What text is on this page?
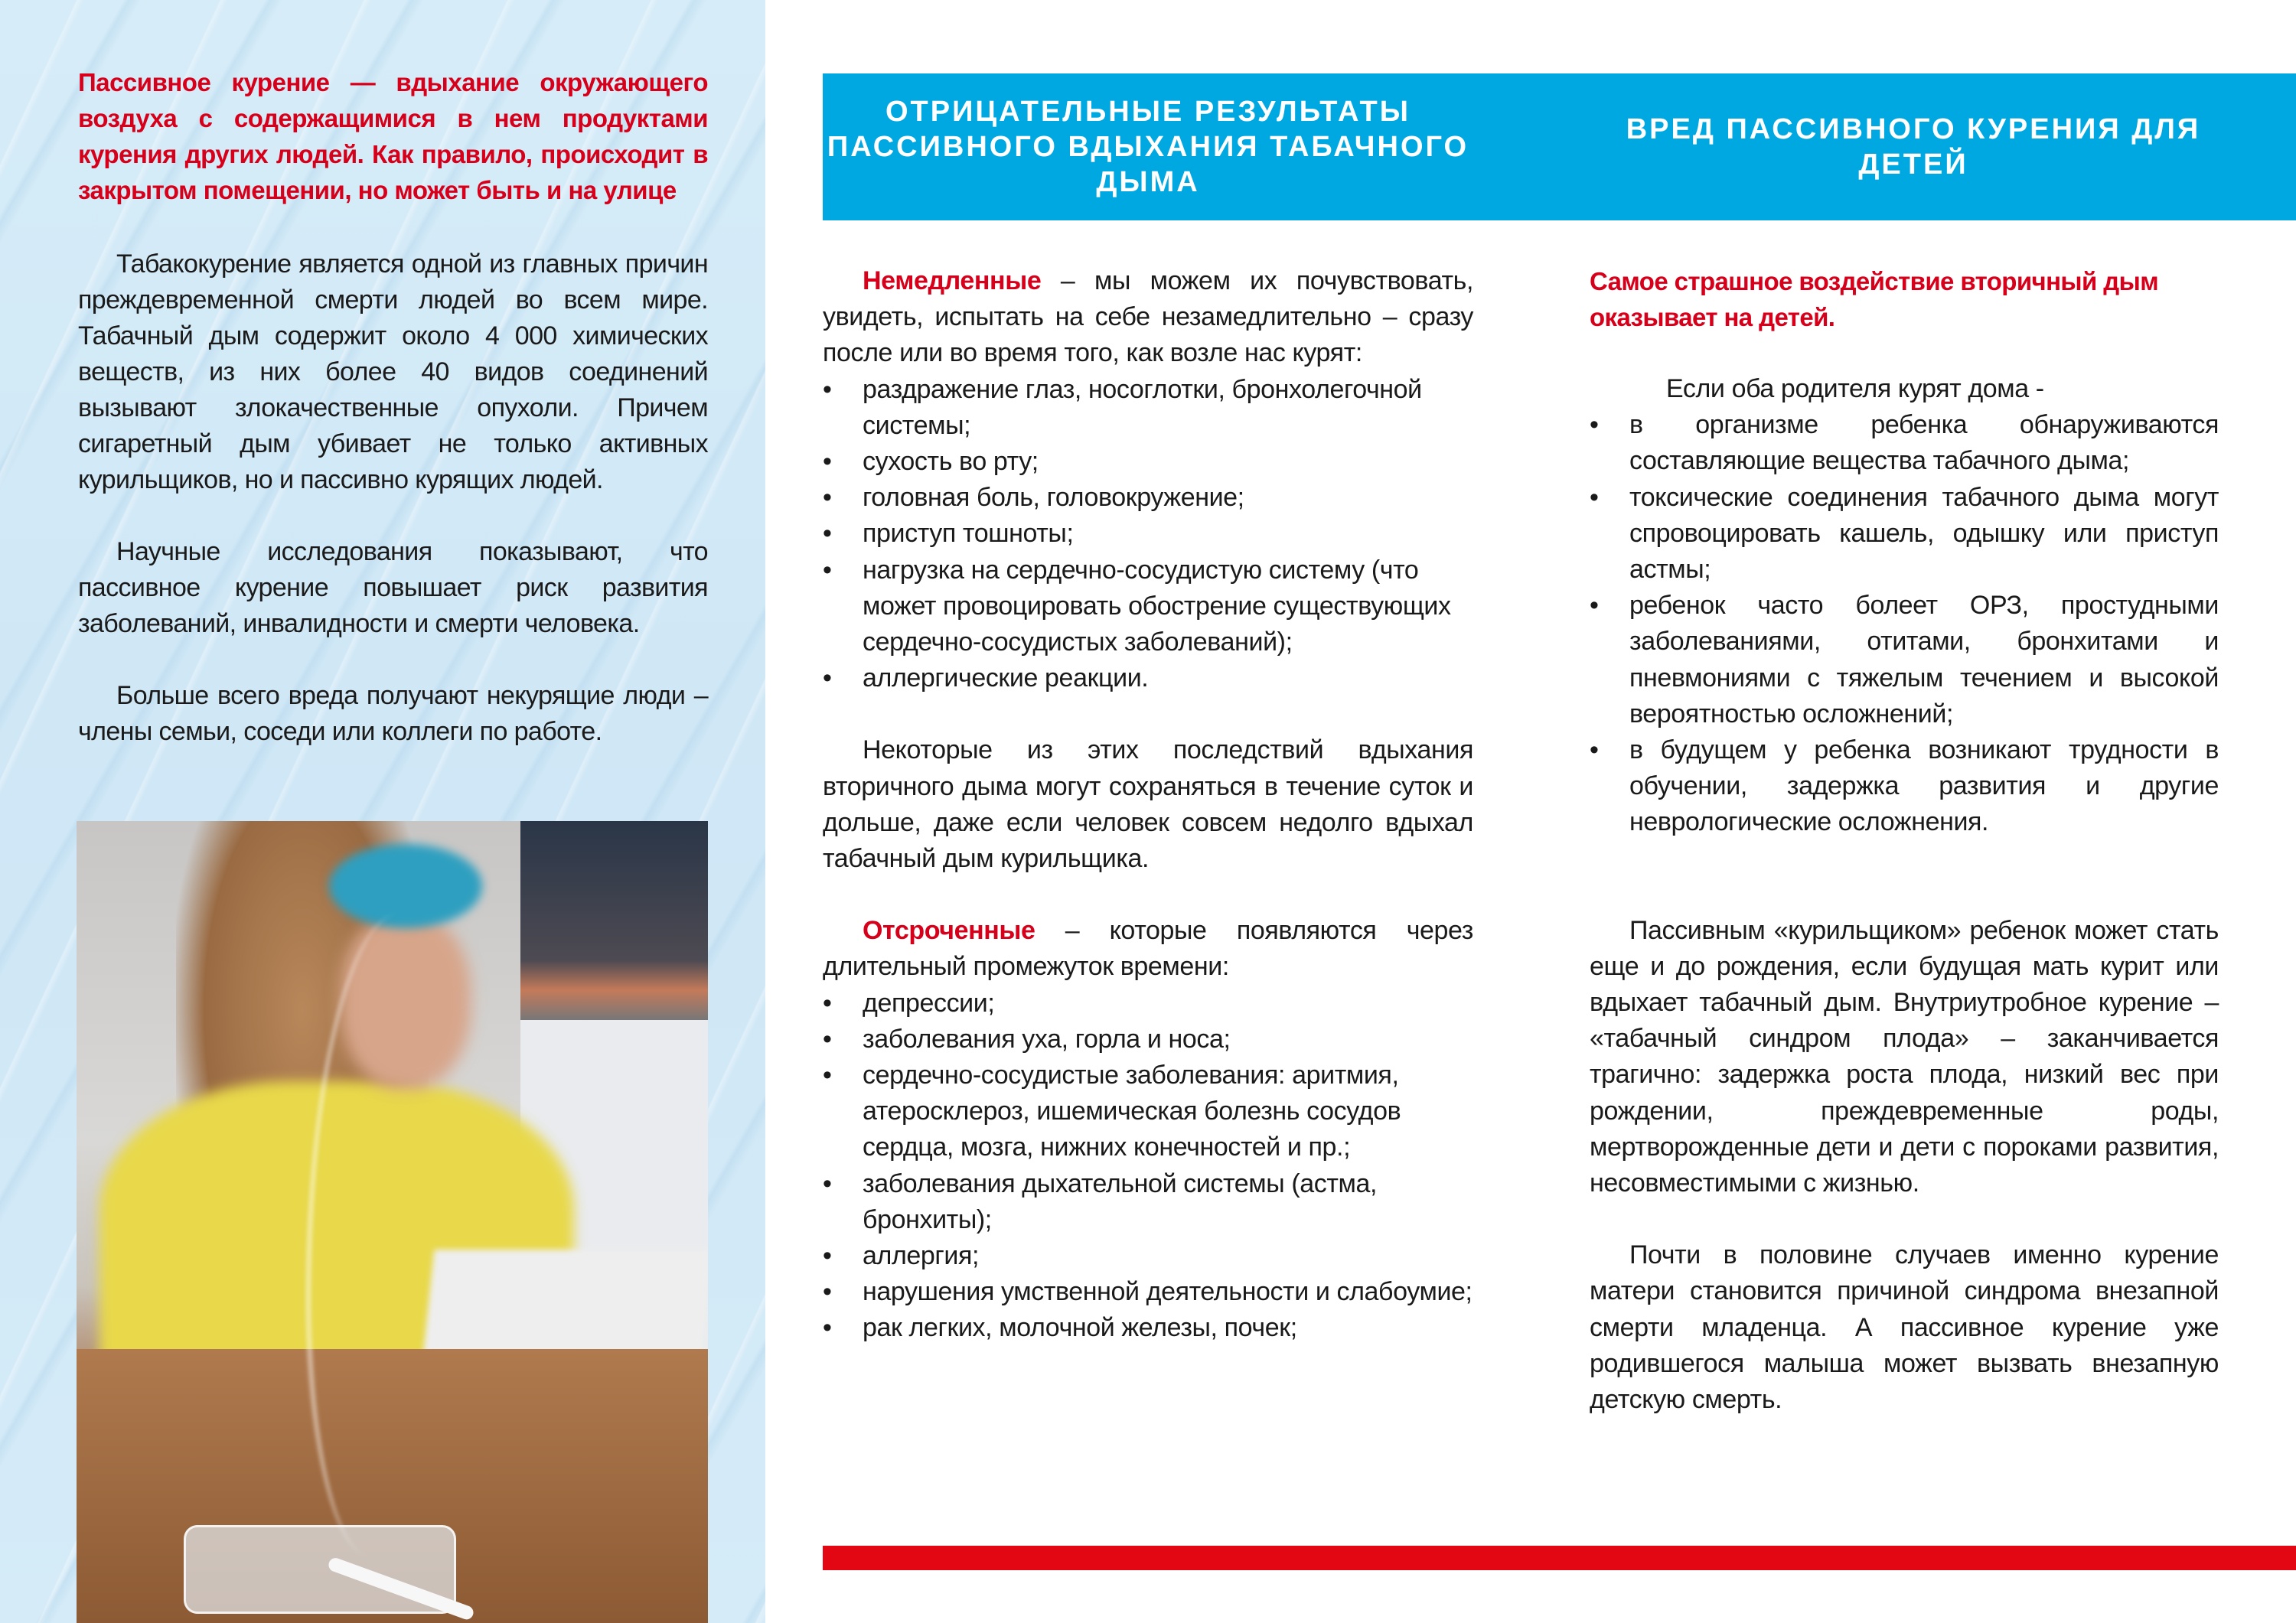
Пассивное курение — вдыхание окружающего воздуха с содержащимися в нем продуктами курения других людей. Как правило, происходит в закрытом помещении, но может быть и на улице

Табакокурение является одной из главных причин преждевременной смерти людей во всем мире. Табачный дым содержит около 4 000 химических веществ, из них более 40 видов соединений вызывают злокачественные опухоли. Причем сигаретный дым убивает не только активных курильщиков, но и пассивно курящих людей.

Научные исследования показывают, что пассивное курение повышает риск развития заболеваний, инвалидности и смерти человека.

Больше всего вреда получают некурящие люди – члены семьи, соседи или коллеги по работе.

ОТРИЦАТЕЛЬНЫЕ РЕЗУЛЬТАТЫ ПАССИВНОГО ВДЫХАНИЯ ТАБАЧНОГО ДЫМА
ВРЕД ПАССИВНОГО КУРЕНИЯ ДЛЯ ДЕТЕЙ

Немедленные – мы можем их почувствовать, увидеть, испытать на себе незамедлительно – сразу после или во время того, как возле нас курят:

• раздражение глаз, носоглотки, бронхолегочной системы;
• сухость во рту;
• головная боль, головокружение;
• приступ тошноты;
• нагрузка на сердечно-сосудистую систему (что может провоцировать обострение существующих сердечно-сосудистых заболеваний);
• аллергические реакции.

Некоторые из этих последствий вдыхания вторичного дыма могут сохраняться в течение суток и дольше, даже если человек совсем недолго вдыхал табачный дым курильщика.

Отсроченные – которые появляются через длительный промежуток времени:

• депрессии;
• заболевания уха, горла и носа;
• сердечно-сосудистые заболевания: аритмия, атеросклероз, ишемическая болезнь сосудов сердца, мозга, нижних конечностей и пр.;
• заболевания дыхательной системы (астма, бронхиты);
• аллергия;
• нарушения умственной деятельности и слабоумие;
• рак легких, молочной железы, почек;

Самое страшное воздействие вторичный дым оказывает на детей.

Если оба родителя курят дома -

• в организме ребенка обнаруживаются составляющие вещества табачного дыма;
• токсические соединения табачного дыма могут спровоцировать кашель, одышку или приступ астмы;
• ребенок часто болеет ОРЗ, простудными заболеваниями, отитами, бронхитами и пневмониями с тяжелым течением и высокой вероятностью осложнений;
• в будущем у ребенка возникают трудности в обучении, задержка развития и другие неврологические осложнения.

Пассивным «курильщиком» ребенок может стать еще и до рождения, если будущая мать курит или вдыхает табачный дым. Внутриутробное курение – «табачный синдром плода» – заканчивается трагично: задержка роста плода, низкий вес при рождении, преждевременные роды, мертворожденные дети и дети с пороками развития, несовместимыми с жизнью.

Почти в половине случаев именно курение матери становится причиной синдрома внезапной смерти младенца. А пассивное курение уже родившегося малыша может вызвать внезапную детскую смерть.
